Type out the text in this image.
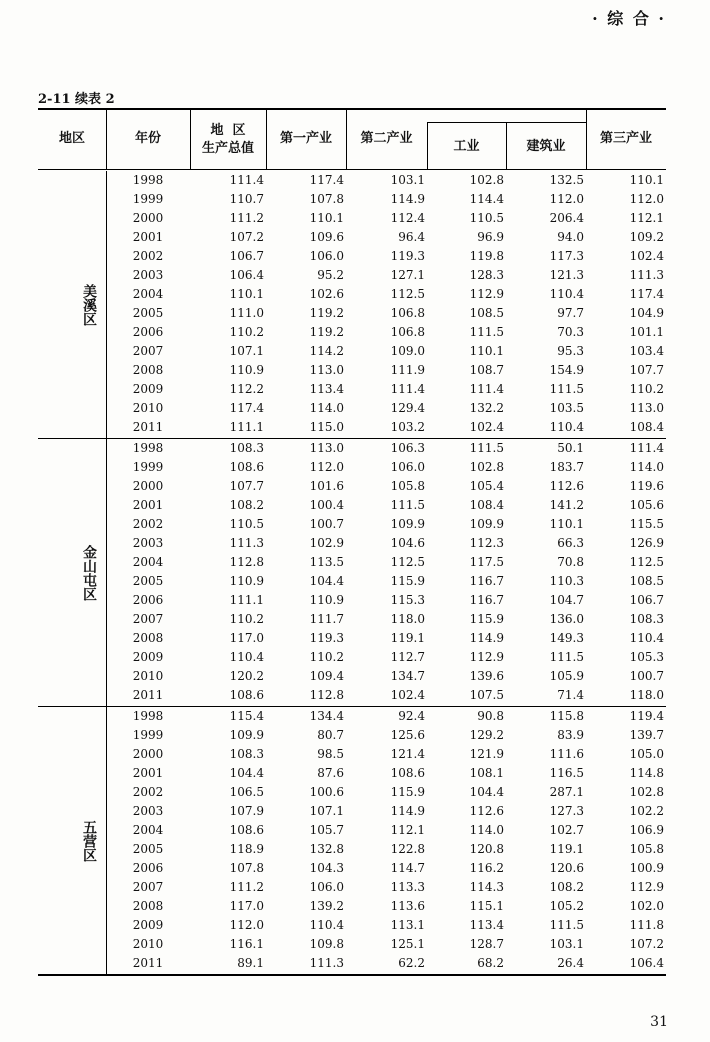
· 综 合 ·
2-11 续表 2
地区	年份
地  区
生产总值
第一产业	第二产业
工业	建筑业
第三产业
美溪区
1998	111.4	117.4	103.1	102.8	132.5	110.1
1999	110.7	107.8	114.9	114.4	112.0	112.0
2000	111.2	110.1	112.4	110.5	206.4	112.1
2001	107.2	109.6	96.4	96.9	94.0	109.2
2002	106.7	106.0	119.3	119.8	117.3	102.4
2003	106.4	95.2	127.1	128.3	121.3	111.3
2004	110.1	102.6	112.5	112.9	110.4	117.4
2005	111.0	119.2	106.8	108.5	97.7	104.9
2006	110.2	119.2	106.8	111.5	70.3	101.1
2007	107.1	114.2	109.0	110.1	95.3	103.4
2008	110.9	113.0	111.9	108.7	154.9	107.7
2009	112.2	113.4	111.4	111.4	111.5	110.2
2010	117.4	114.0	129.4	132.2	103.5	113.0
2011	111.1	115.0	103.2	102.4	110.4	108.4
金山屯区
1998	108.3	113.0	106.3	111.5	50.1	111.4
1999	108.6	112.0	106.0	102.8	183.7	114.0
2000	107.7	101.6	105.8	105.4	112.6	119.6
2001	108.2	100.4	111.5	108.4	141.2	105.6
2002	110.5	100.7	109.9	109.9	110.1	115.5
2003	111.3	102.9	104.6	112.3	66.3	126.9
2004	112.8	113.5	112.5	117.5	70.8	112.5
2005	110.9	104.4	115.9	116.7	110.3	108.5
2006	111.1	110.9	115.3	116.7	104.7	106.7
2007	110.2	111.7	118.0	115.9	136.0	108.3
2008	117.0	119.3	119.1	114.9	149.3	110.4
2009	110.4	110.2	112.7	112.9	111.5	105.3
2010	120.2	109.4	134.7	139.6	105.9	100.7
2011	108.6	112.8	102.4	107.5	71.4	118.0
五营区
1998	115.4	134.4	92.4	90.8	115.8	119.4
1999	109.9	80.7	125.6	129.2	83.9	139.7
2000	108.3	98.5	121.4	121.9	111.6	105.0
2001	104.4	87.6	108.6	108.1	116.5	114.8
2002	106.5	100.6	115.9	104.4	287.1	102.8
2003	107.9	107.1	114.9	112.6	127.3	102.2
2004	108.6	105.7	112.1	114.0	102.7	106.9
2005	118.9	132.8	122.8	120.8	119.1	105.8
2006	107.8	104.3	114.7	116.2	120.6	100.9
2007	111.2	106.0	113.3	114.3	108.2	112.9
2008	117.0	139.2	113.6	115.1	105.2	102.0
2009	112.0	110.4	113.1	113.4	111.5	111.8
2010	116.1	109.8	125.1	128.7	103.1	107.2
2011	89.1	111.3	62.2	68.2	26.4	106.4
31
